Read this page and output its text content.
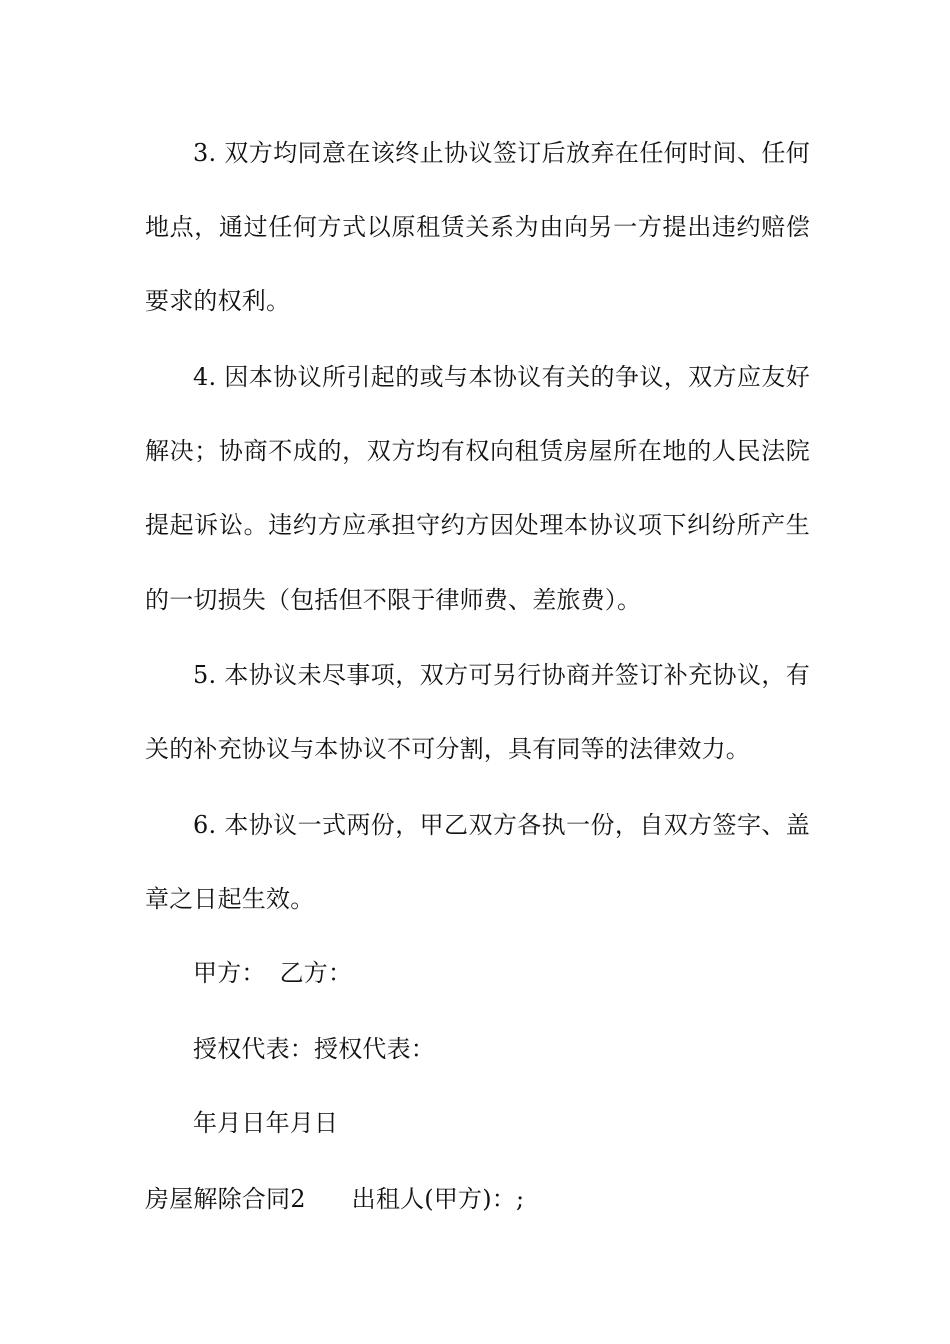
3. 双方均同意在该终止协议签订后放弃在任何时间、任何
地点，通过任何方式以原租赁关系为由向另一方提出违约赔偿
要求的权利。
4. 因本协议所引起的或与本协议有关的争议，双方应友好
解决；协商不成的，双方均有权向租赁房屋所在地的人民法院
提起诉讼。违约方应承担守约方因处理本协议项下纠纷所产生
的一切损失（包括但不限于律师费、差旅费）。
5. 本协议未尽事项，双方可另行协商并签订补充协议，有
关的补充协议与本协议不可分割，具有同等的法律效力。
6. 本协议一式两份，甲乙双方各执一份，自双方签字、盖
章之日起生效。
甲方： 乙方：
授权代表：授权代表：
年月日年月日
房屋解除合同2 出租人(甲方)：;
